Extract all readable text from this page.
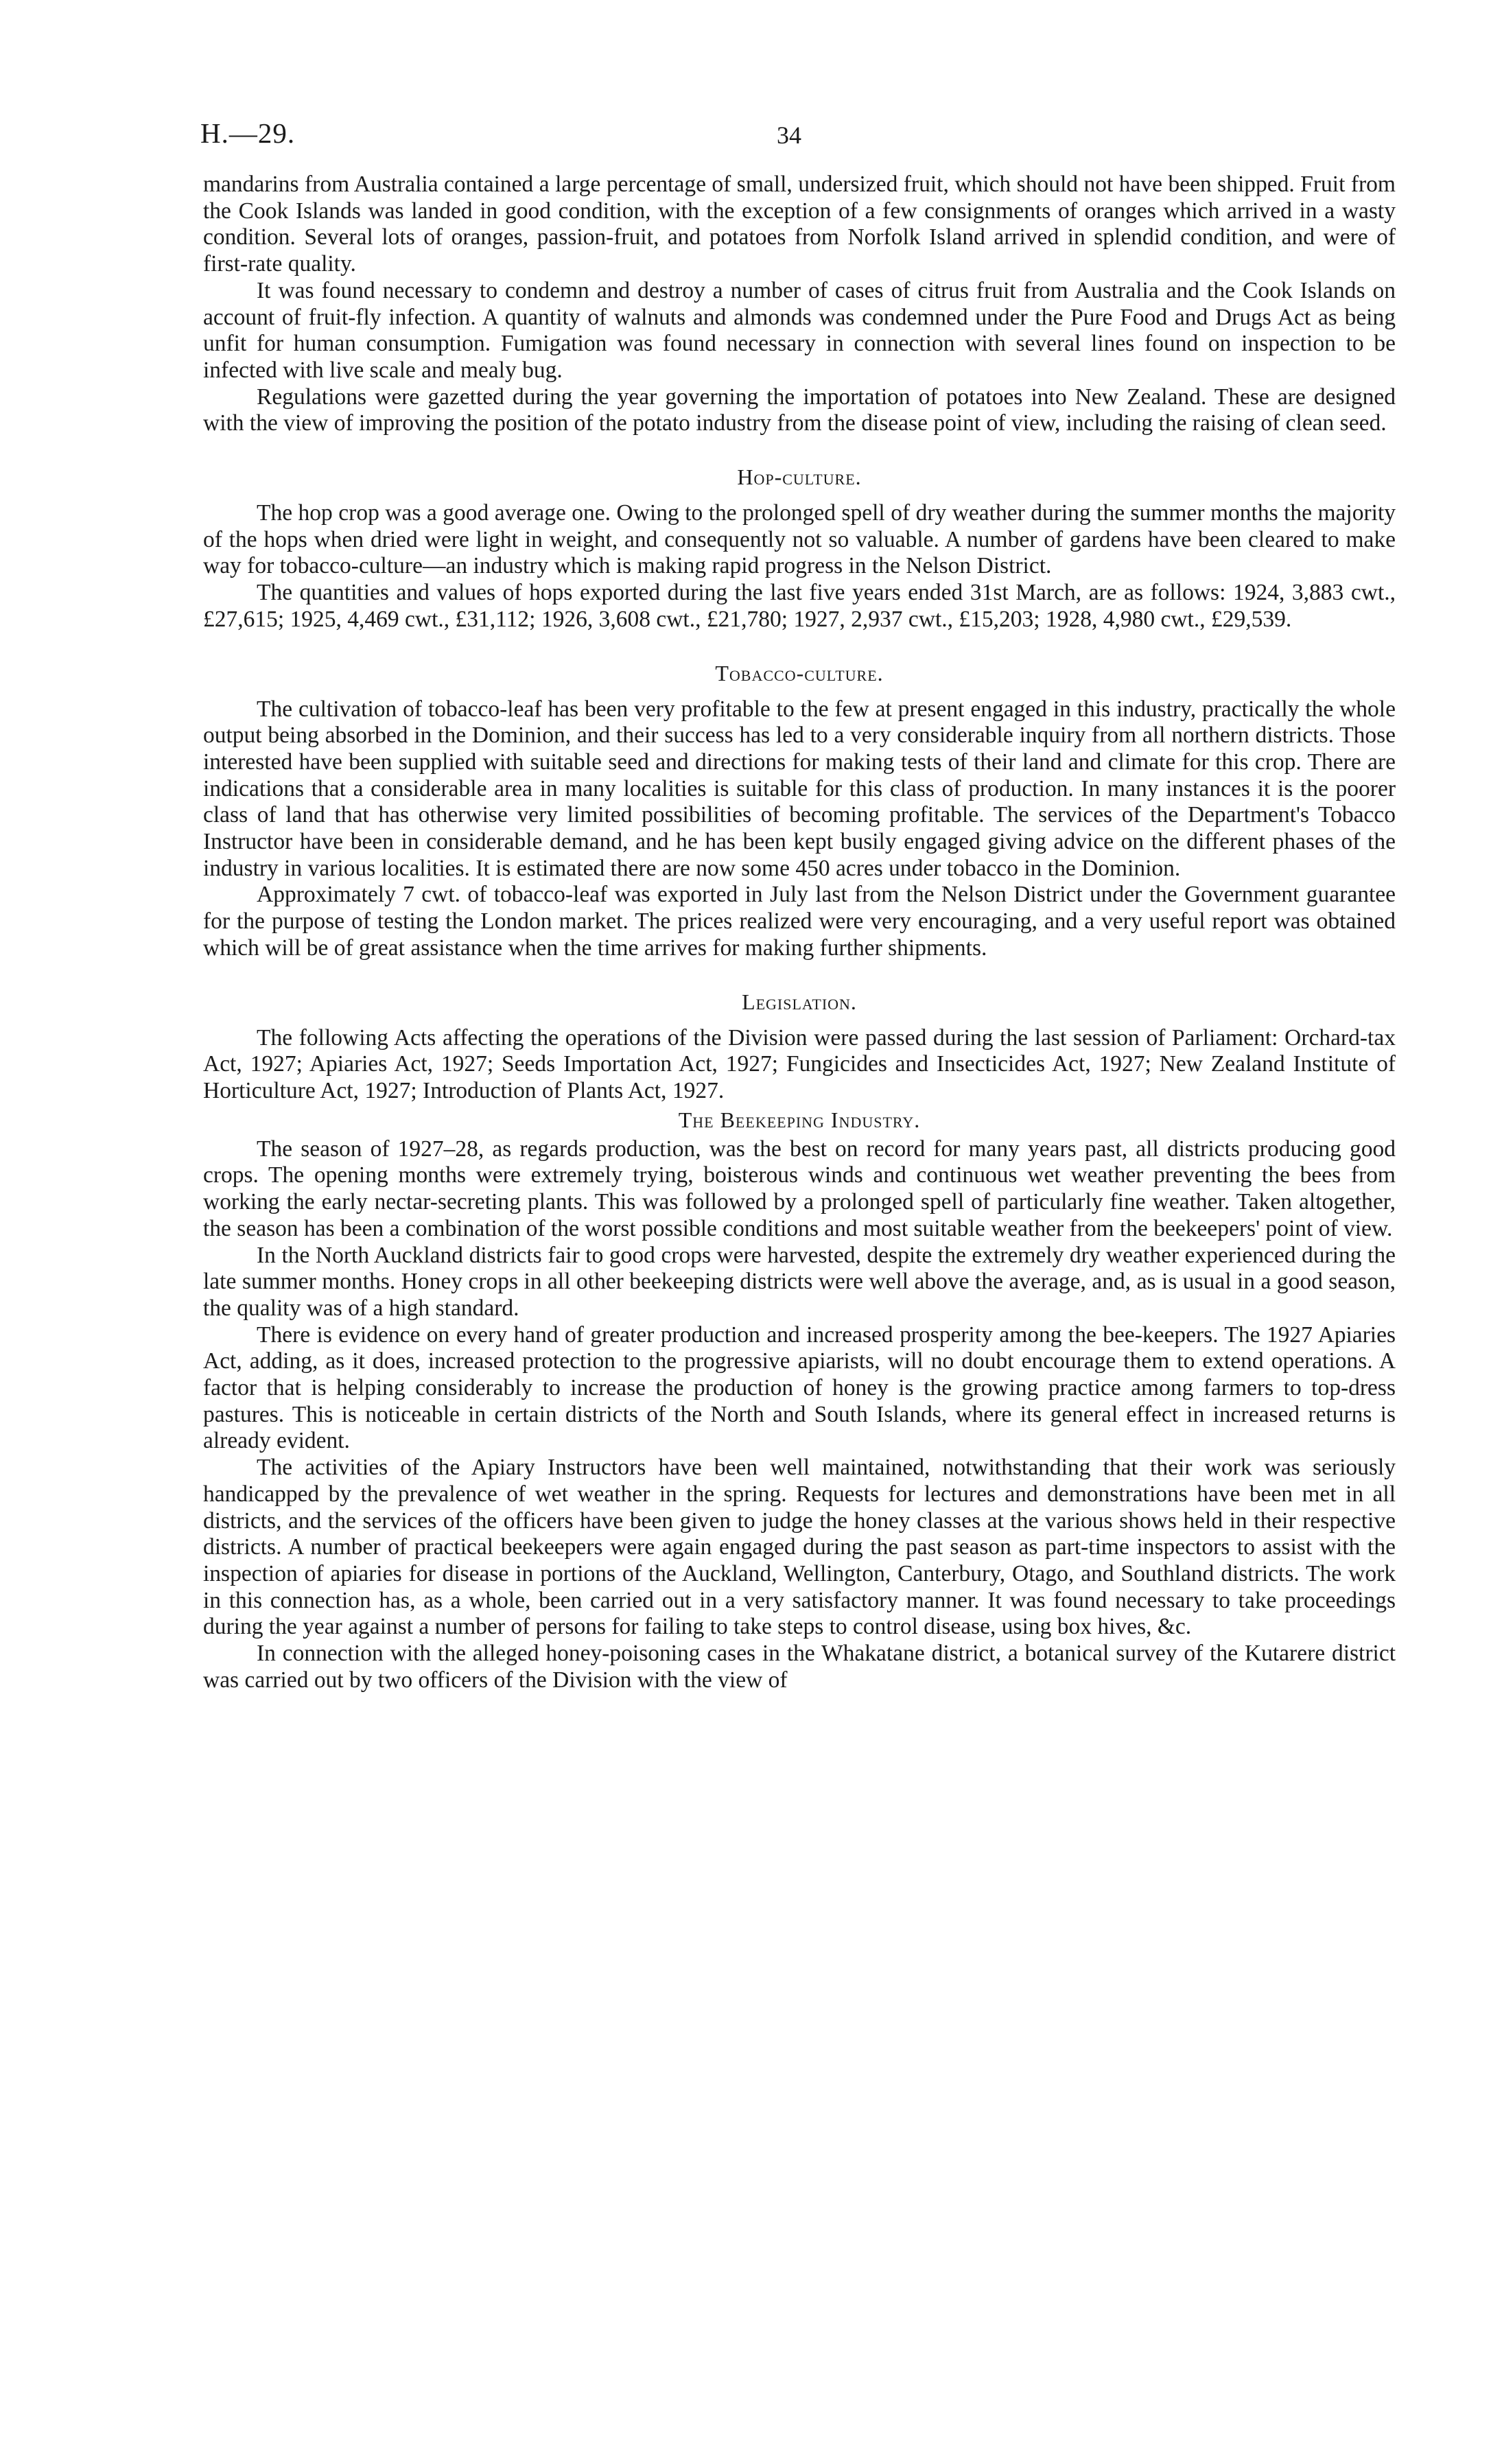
H.—29.	34

mandarins from Australia contained a large percentage of small, undersized fruit, which should not have been shipped. Fruit from the Cook Islands was landed in good condition, with the exception of a few consignments of oranges which arrived in a wasty condition. Several lots of oranges, passion-fruit, and potatoes from Norfolk Island arrived in splendid condition, and were of first-rate quality.

It was found necessary to condemn and destroy a number of cases of citrus fruit from Australia and the Cook Islands on account of fruit-fly infection. A quantity of walnuts and almonds was condemned under the Pure Food and Drugs Act as being unfit for human consumption. Fumigation was found necessary in connection with several lines found on inspection to be infected with live scale and mealy bug.

Regulations were gazetted during the year governing the importation of potatoes into New Zealand. These are designed with the view of improving the position of the potato industry from the disease point of view, including the raising of clean seed.

Hop-culture.

The hop crop was a good average one. Owing to the prolonged spell of dry weather during the summer months the majority of the hops when dried were light in weight, and consequently not so valuable. A number of gardens have been cleared to make way for tobacco-culture—an industry which is making rapid progress in the Nelson District.

The quantities and values of hops exported during the last five years ended 31st March, are as follows: 1924, 3,883 cwt., £27,615; 1925, 4,469 cwt., £31,112; 1926, 3,608 cwt., £21,780; 1927, 2,937 cwt., £15,203; 1928, 4,980 cwt., £29,539.

Tobacco-culture.

The cultivation of tobacco-leaf has been very profitable to the few at present engaged in this industry, practically the whole output being absorbed in the Dominion, and their success has led to a very considerable inquiry from all northern districts. Those interested have been supplied with suitable seed and directions for making tests of their land and climate for this crop. There are indications that a considerable area in many localities is suitable for this class of production. In many instances it is the poorer class of land that has otherwise very limited possibilities of becoming profitable. The services of the Department's Tobacco Instructor have been in considerable demand, and he has been kept busily engaged giving advice on the different phases of the industry in various localities. It is estimated there are now some 450 acres under tobacco in the Dominion.

Approximately 7 cwt. of tobacco-leaf was exported in July last from the Nelson District under the Government guarantee for the purpose of testing the London market. The prices realized were very encouraging, and a very useful report was obtained which will be of great assistance when the time arrives for making further shipments.

Legislation.

The following Acts affecting the operations of the Division were passed during the last session of Parliament: Orchard-tax Act, 1927; Apiaries Act, 1927; Seeds Importation Act, 1927; Fungicides and Insecticides Act, 1927; New Zealand Institute of Horticulture Act, 1927; Introduction of Plants Act, 1927.

The Beekeeping Industry.

The season of 1927–28, as regards production, was the best on record for many years past, all districts producing good crops. The opening months were extremely trying, boisterous winds and continuous wet weather preventing the bees from working the early nectar-secreting plants. This was followed by a prolonged spell of particularly fine weather. Taken altogether, the season has been a combination of the worst possible conditions and most suitable weather from the beekeepers' point of view.

In the North Auckland districts fair to good crops were harvested, despite the extremely dry weather experienced during the late summer months. Honey crops in all other beekeeping districts were well above the average, and, as is usual in a good season, the quality was of a high standard.

There is evidence on every hand of greater production and increased prosperity among the bee-keepers. The 1927 Apiaries Act, adding, as it does, increased protection to the progressive apiarists, will no doubt encourage them to extend operations. A factor that is helping considerably to increase the production of honey is the growing practice among farmers to top-dress pastures. This is noticeable in certain districts of the North and South Islands, where its general effect in increased returns is already evident.

The activities of the Apiary Instructors have been well maintained, notwithstanding that their work was seriously handicapped by the prevalence of wet weather in the spring. Requests for lectures and demonstrations have been met in all districts, and the services of the officers have been given to judge the honey classes at the various shows held in their respective districts. A number of practical beekeepers were again engaged during the past season as part-time inspectors to assist with the inspection of apiaries for disease in portions of the Auckland, Wellington, Canterbury, Otago, and Southland districts. The work in this connection has, as a whole, been carried out in a very satisfactory manner. It was found necessary to take proceedings during the year against a number of persons for failing to take steps to control disease, using box hives, &c.

In connection with the alleged honey-poisoning cases in the Whakatane district, a botanical survey of the Kutarere district was carried out by two officers of the Division with the view of
